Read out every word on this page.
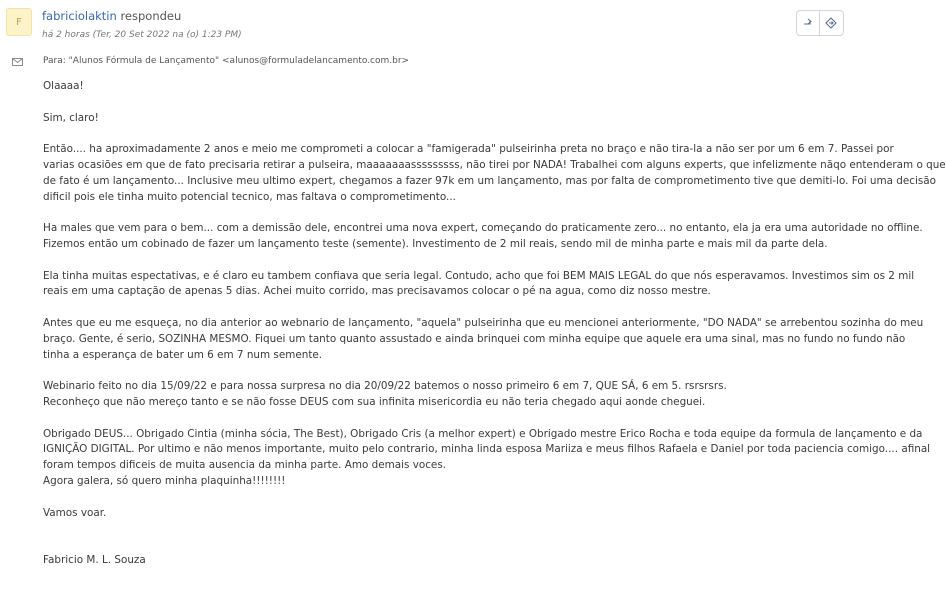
F fabriciolaktin respondeu
há 2 horas (Ter, 20 Set 2022 na (o) 1:23 PM)
Para: "Alunos Fórmula de Lançamento" <alunos@formuladelancamento.com.br>
Olaaaa!
Sim, claro!
Então.... ha aproximadamente 2 anos e meio me comprometi a colocar a "famigerada" pulseirinha preta no braço e não tira-la a não ser por um 6 em 7. Passei por
varias ocasiões em que de fato precisaria retirar a pulseira, maaaaaaasssssssss, não tirei por NADA! Trabalhei com alguns experts, que infelizmente nãqo entenderam o que
de fato é um lançamento... Inclusive meu ultimo expert, chegamos a fazer 97k em um lançamento, mas por falta de comprometimento tive que demiti-lo. Foi uma decisão
dificil pois ele tinha muito potencial tecnico, mas faltava o comprometimento...
Ha males que vem para o bem... com a demissão dele, encontrei uma nova expert, começando do praticamente zero... no entanto, ela ja era uma autoridade no offline.
Fizemos então um cobinado de fazer um lançamento teste (semente). Investimento de 2 mil reais, sendo mil de minha parte e mais mil da parte dela.
Ela tinha muitas espectativas, e é claro eu tambem confiava que seria legal. Contudo, acho que foi BEM MAIS LEGAL do que nós esperavamos. Investimos sim os 2 mil
reais em uma captação de apenas 5 dias. Achei muito corrido, mas precisavamos colocar o pé na agua, como diz nosso mestre.
Antes que eu me esqueça, no dia anterior ao webnario de lançamento, "aquela" pulseirinha que eu mencionei anteriormente, "DO NADA" se arrebentou sozinha do meu
braço. Gente, é serio, SOZINHA MESMO. Fiquei um tanto quanto assustado e ainda brinquei com minha equipe que aquele era uma sinal, mas no fundo no fundo não
tinha a esperança de bater um 6 em 7 num semente.
Webinario feito no dia 15/09/22 e para nossa surpresa no dia 20/09/22 batemos o nosso primeiro 6 em 7, QUE SÁ, 6 em 5. rsrsrsrs.
Reconheço que não mereço tanto e se não fosse DEUS com sua infinita misericordia eu não teria chegado aqui aonde cheguei.
Obrigado DEUS... Obrigado Cintia (minha sócia, The Best), Obrigado Cris (a melhor expert) e Obrigado mestre Erico Rocha e toda equipe da formula de lançamento e da
IGNIÇÃO DIGITAL. Por ultimo e não menos importante, muito pelo contrario, minha linda esposa Mariiza e meus filhos Rafaela e Daniel por toda paciencia comigo.... afinal
foram tempos dificeis de muita ausencia da minha parte. Amo demais voces.
Agora galera, só quero minha plaquinha!!!!!!!!
Vamos voar.
Fabricio M. L. Souza
